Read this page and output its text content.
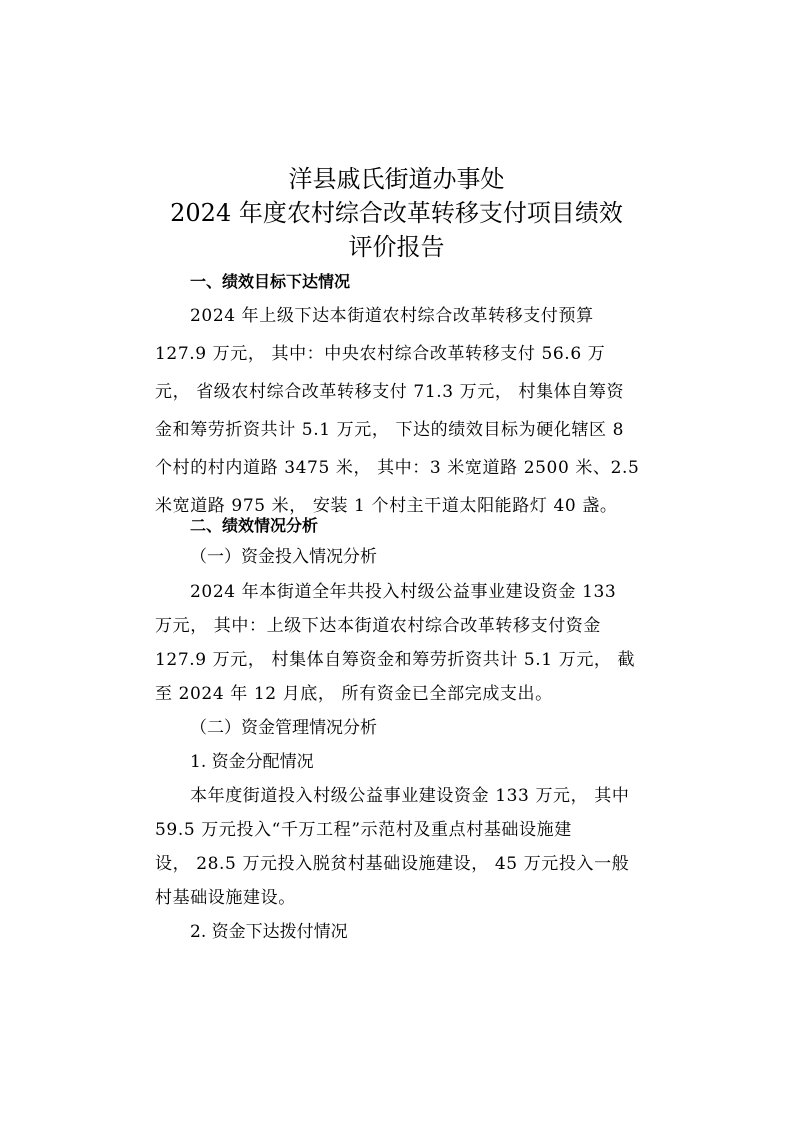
洋县戚氏街道办事处
2024 年度农村综合改革转移支付项目绩效
评价报告
一、绩效目标下达情况
2024 年上级下达本街道农村综合改革转移支付预算
127.9 万元， 其中：中央农村综合改革转移支付 56.6 万
元， 省级农村综合改革转移支付 71.3 万元， 村集体自筹资
金和筹劳折资共计 5.1 万元， 下达的绩效目标为硬化辖区 8
个村的村内道路 3475 米， 其中：3 米宽道路 2500 米、2.5
米宽道路 975 米， 安装 1 个村主干道太阳能路灯 40 盏。
二、绩效情况分析
（一）资金投入情况分析
2024 年本街道全年共投入村级公益事业建设资金 133
万元， 其中：上级下达本街道农村综合改革转移支付资金
127.9 万元， 村集体自筹资金和筹劳折资共计 5.1 万元， 截
至 2024 年 12 月底， 所有资金已全部完成支出。
（二）资金管理情况分析
1. 资金分配情况
本年度街道投入村级公益事业建设资金 133 万元， 其中
59.5 万元投入“千万工程”示范村及重点村基础设施建
设， 28.5 万元投入脱贫村基础设施建设， 45 万元投入一般
村基础设施建设。
2. 资金下达拨付情况
